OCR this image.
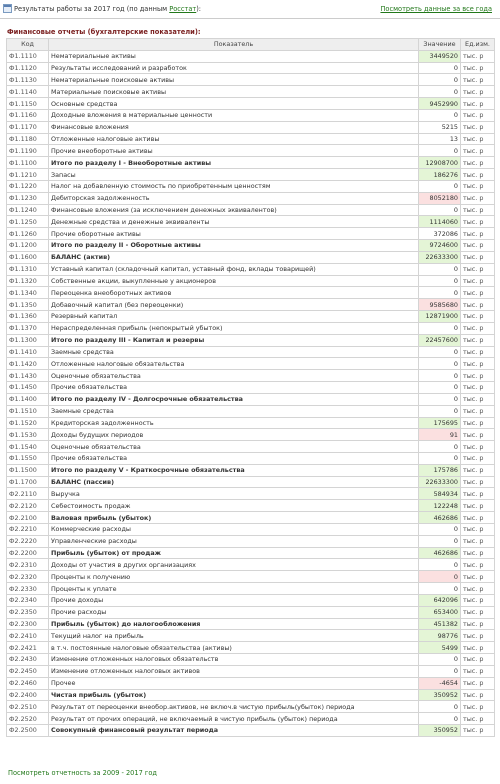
Результаты работы за 2017 год (по данным Росстат):	Посмотреть данные за все года
Финансовые отчеты (бухгалтерские показатели):
Код	Показатель	Значение	Ед.изм.
Ф1.1110	Нематериальные активы	3449520	тыс. р
Ф1.1120	Результаты исследований и разработок	0	тыс. р
Ф1.1130	Нематериальные поисковые активы	0	тыс. р
Ф1.1140	Материальные поисковые активы	0	тыс. р
Ф1.1150	Основные средства	9452990	тыс. р
Ф1.1160	Доходные вложения в материальные ценности	0	тыс. р
Ф1.1170	Финансовые вложения	5215	тыс. р
Ф1.1180	Отложенные налоговые активы	13	тыс. р
Ф1.1190	Прочие внеоборотные активы	0	тыс. р
Ф1.1100	Итого по разделу I - Внеоборотные активы	12908700	тыс. р
Ф1.1210	Запасы	186276	тыс. р
Ф1.1220	Налог на добавленную стоимость по приобретенным ценностям	0	тыс. р
Ф1.1230	Дебиторская задолженность	8052180	тыс. р
Ф1.1240	Финансовые вложения (за исключением денежных эквивалентов)	0	тыс. р
Ф1.1250	Денежные средства и денежные эквиваленты	1114060	тыс. р
Ф1.1260	Прочие оборотные активы	372086	тыс. р
Ф1.1200	Итого по разделу II - Оборотные активы	9724600	тыс. р
Ф1.1600	БАЛАНС (актив)	22633300	тыс. р
Ф1.1310	Уставный капитал (складочный капитал, уставный фонд, вклады товарищей)	0	тыс. р
Ф1.1320	Собственные акции, выкупленные у акционеров	0	тыс. р
Ф1.1340	Переоценка внеоборотных активов	0	тыс. р
Ф1.1350	Добавочный капитал (без переоценки)	9585680	тыс. р
Ф1.1360	Резервный капитал	12871900	тыс. р
Ф1.1370	Нераспределенная прибыль (непокрытый убыток)	0	тыс. р
Ф1.1300	Итого по разделу III - Капитал и резервы	22457600	тыс. р
Ф1.1410	Заемные средства	0	тыс. р
Ф1.1420	Отложенные налоговые обязательства	0	тыс. р
Ф1.1430	Оценочные обязательства	0	тыс. р
Ф1.1450	Прочие обязательства	0	тыс. р
Ф1.1400	Итого по разделу IV - Долгосрочные обязательства	0	тыс. р
Ф1.1510	Заемные средства	0	тыс. р
Ф1.1520	Кредиторская задолженность	175695	тыс. р
Ф1.1530	Доходы будущих периодов	91	тыс. р
Ф1.1540	Оценочные обязательства	0	тыс. р
Ф1.1550	Прочие обязательства	0	тыс. р
Ф1.1500	Итого по разделу V - Краткосрочные обязательства	175786	тыс. р
Ф1.1700	БАЛАНС (пассив)	22633300	тыс. р
Ф2.2110	Выручка	584934	тыс. р
Ф2.2120	Себестоимость продаж	122248	тыс. р
Ф2.2100	Валовая прибыль (убыток)	462686	тыс. р
Ф2.2210	Коммерческие расходы	0	тыс. р
Ф2.2220	Управленческие расходы	0	тыс. р
Ф2.2200	Прибыль (убыток) от продаж	462686	тыс. р
Ф2.2310	Доходы от участия в других организациях	0	тыс. р
Ф2.2320	Проценты к получению	0	тыс. р
Ф2.2330	Проценты к уплате	0	тыс. р
Ф2.2340	Прочие доходы	642096	тыс. р
Ф2.2350	Прочие расходы	653400	тыс. р
Ф2.2300	Прибыль (убыток) до налогообложения	451382	тыс. р
Ф2.2410	Текущий налог на прибыль	98776	тыс. р
Ф2.2421	в т.ч. постоянные налоговые обязательства (активы)	5499	тыс. р
Ф2.2430	Изменение отложенных налоговых обязательств	0	тыс. р
Ф2.2450	Изменение отложенных налоговых активов	0	тыс. р
Ф2.2460	Прочее	-4654	тыс. р
Ф2.2400	Чистая прибыль (убыток)	350952	тыс. р
Ф2.2510	Результат от переоценки внеобор.активов, не включ.в чистую прибыль(убыток) периода	0	тыс. р
Ф2.2520	Результат от прочих операций, не включаемый в чистую прибыль (убыток) периода	0	тыс. р
Ф2.2500	Совокупный финансовый результат периода	350952	тыс. р
Посмотреть отчетность за 2009 - 2017 год
